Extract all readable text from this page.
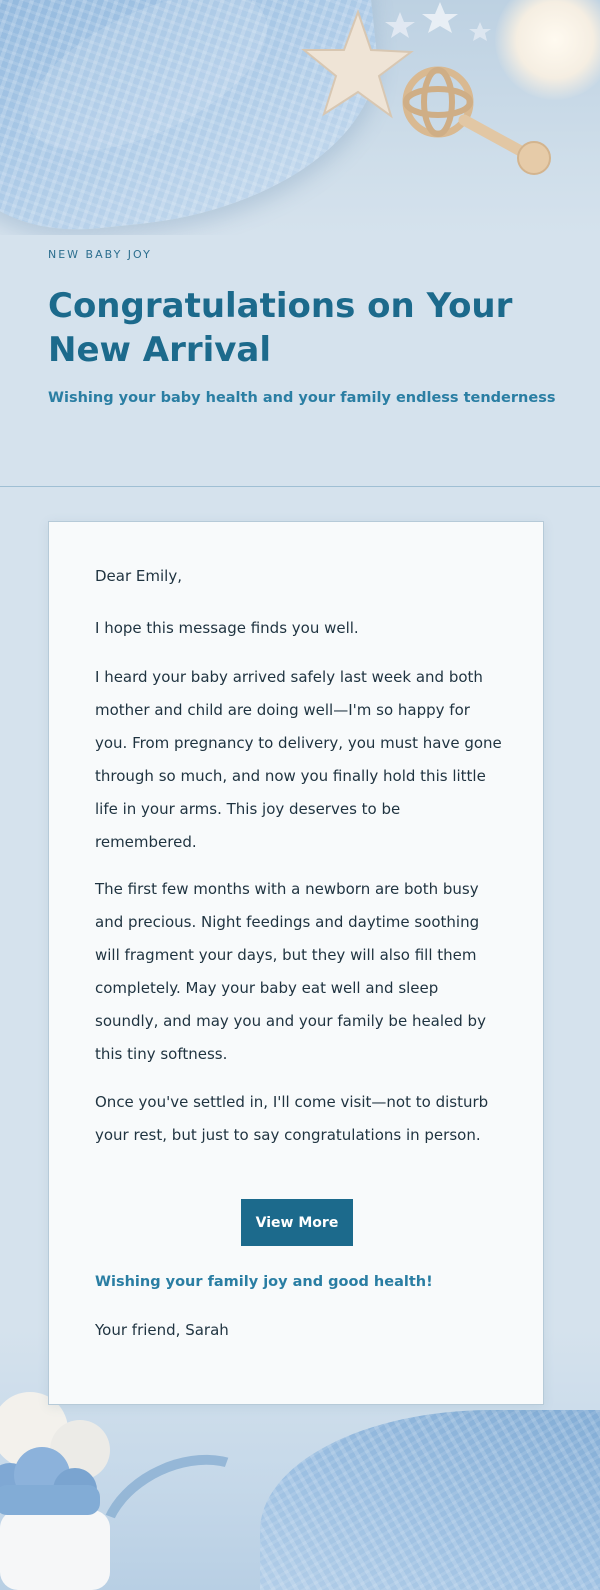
NEW BABY JOY
Congratulations on Your New Arrival
Wishing your baby health and your family endless tenderness

Dear Emily,

I hope this message finds you well.

I heard your baby arrived safely last week and both mother and child are doing well—I'm so happy for you. From pregnancy to delivery, you must have gone through so much, and now you finally hold this little life in your arms. This joy deserves to be remembered.

The first few months with a newborn are both busy and precious. Night feedings and daytime soothing will fragment your days, but they will also fill them completely. May your baby eat well and sleep soundly, and may you and your family be healed by this tiny softness.

Once you've settled in, I'll come visit—not to disturb your rest, but just to say congratulations in person.

View More

Wishing your family joy and good health!

Your friend, Sarah
